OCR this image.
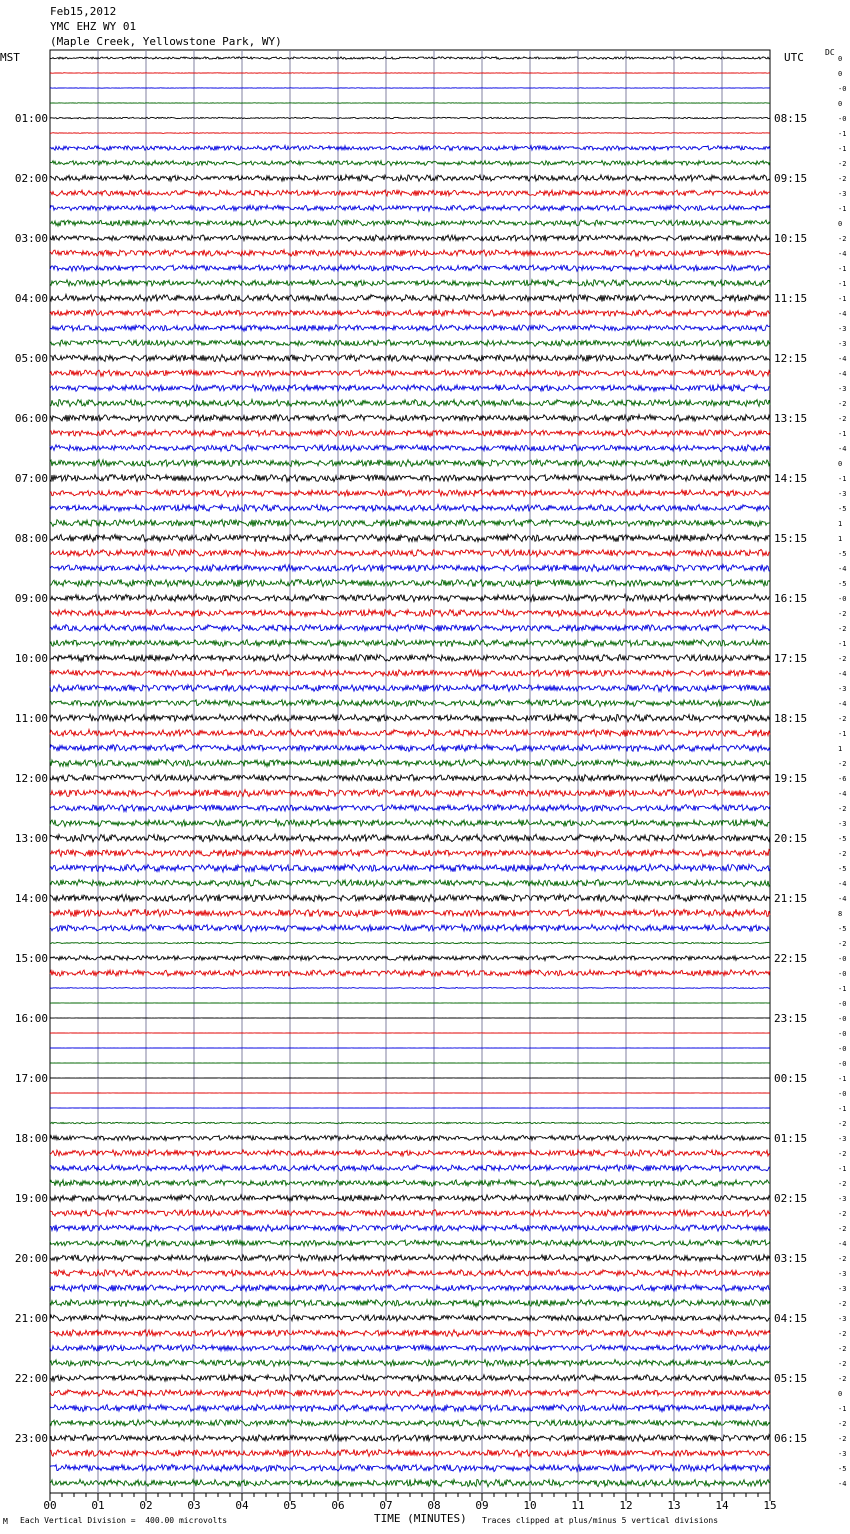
Feb15,2012
YMC EHZ WY 01
(Maple Creek, Yellowstone Park, WY)
MST	UTC	DC
0
0
-0
0
-0
-1
-1
-2
-2
-3
-1
0
-2
-4
-1
-1
-1
-4
-3
-3
-4
-4
-3
-2
-2
-1
-4
0
-1
-3
-5
1
1
-5
-4
-5
-0
-2
-2
-1
-2
-4
-3
-4
-2
-1
1
-2
-6
-4
-2
-3
-5
-2
-5
-4
-4
8
-5
-2
-0
-0
-1
-0
-0
-0
-0
-0
-1
-0
-1
-2
-3
-2
-1
-2
-3
-2
-2
-4
-2
-3
-3
-2
-3
-2
-2
-2
-2
0
-1
-2
-2
-3
-5
-4
01:00
02:00
03:00
04:00
05:00
06:00
07:00
08:00
09:00
10:00
11:00
12:00
13:00
14:00
15:00
16:00
17:00
18:00
19:00
20:00
21:00
22:00
23:00
08:15
09:15
10:15
11:15
12:15
13:15
14:15
15:15
16:15
17:15
18:15
19:15
20:15
21:15
22:15
23:15
00:15
01:15
02:15
03:15
04:15
05:15
06:15
00	01	02	03	04	05	06	07	08	09	10	11	12	13	14	15
M Each Vertical Division =  400.00 microvolts	TIME (MINUTES) Traces clipped at plus/minus 5 vertical divisions
